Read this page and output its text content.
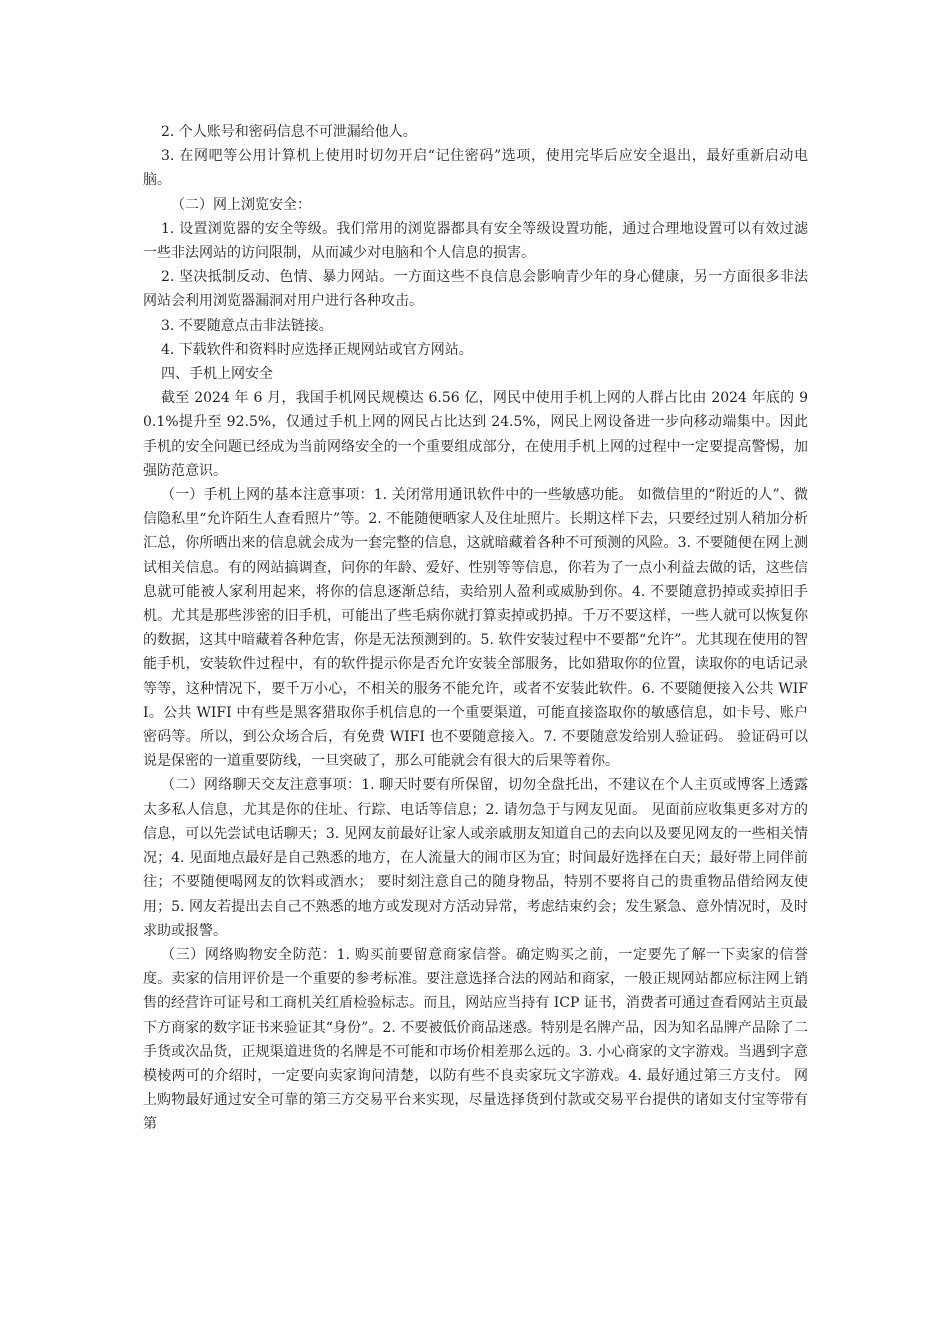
2. 个人账号和密码信息不可泄漏给他人。

3. 在网吧等公用计算机上使用时切勿开启“记住密码”选项，使用完毕后应安全退出，最好重新启动电脑。

（二）网上浏览安全：

1. 设置浏览器的安全等级。我们常用的浏览器都具有安全等级设置功能，通过合理地设置可以有效过滤一些非法网站的访问限制，从而减少对电脑和个人信息的损害。

2. 坚决抵制反动、色情、暴力网站。一方面这些不良信息会影响青少年的身心健康，另一方面很多非法网站会利用浏览器漏洞对用户进行各种攻击。

3. 不要随意点击非法链接。

4. 下载软件和资料时应选择正规网站或官方网站。

四、手机上网安全

截至 2024 年 6 月，我国手机网民规模达 6.56 亿，网民中使用手机上网的人群占比由 2024 年底的 90.1%提升至 92.5%，仅通过手机上网的网民占比达到 24.5%，网民上网设备进一步向移动端集中。因此手机的安全问题已经成为当前网络安全的一个重要组成部分，在使用手机上网的过程中一定要提高警惕，加强防范意识。

（一）手机上网的基本注意事项：1. 关闭常用通讯软件中的一些敏感功能。 如微信里的“附近的人”、微信隐私里“允许陌生人查看照片”等。2. 不能随便晒家人及住址照片。长期这样下去，只要经过别人稍加分析汇总，你所晒出来的信息就会成为一套完整的信息，这就暗藏着各种不可预测的风险。3. 不要随便在网上测试相关信息。有的网站搞调查，问你的年龄、爱好、性别等等信息，你若为了一点小利益去做的话，这些信息就可能被人家利用起来，将你的信息逐渐总结，卖给别人盈利或威胁到你。4. 不要随意扔掉或卖掉旧手机。尤其是那些涉密的旧手机，可能出了些毛病你就打算卖掉或扔掉。千万不要这样，一些人就可以恢复你的数据，这其中暗藏着各种危害，你是无法预测到的。5. 软件安装过程中不要都“允许”。尤其现在使用的智能手机，安装软件过程中，有的软件提示你是否允许安装全部服务，比如猎取你的位置，读取你的电话记录等等，这种情况下，要千万小心，不相关的服务不能允许，或者不安装此软件。6. 不要随便接入公共 WIFI。公共 WIFI 中有些是黑客猎取你手机信息的一个重要渠道，可能直接盗取你的敏感信息，如卡号、账户密码等。所以，到公众场合后，有免费 WIFI 也不要随意接入。7. 不要随意发给别人验证码。 验证码可以说是保密的一道重要防线，一旦突破了，那么可能就会有很大的后果等着你。

（二）网络聊天交友注意事项：1. 聊天时要有所保留，切勿全盘托出，不建议在个人主页或博客上透露太多私人信息，尤其是你的住址、行踪、电话等信息；2. 请勿急于与网友见面。 见面前应收集更多对方的信息，可以先尝试电话聊天；3. 见网友前最好让家人或亲戚朋友知道自己的去向以及要见网友的一些相关情况；4. 见面地点最好是自己熟悉的地方，在人流量大的闹市区为宜；时间最好选择在白天；最好带上同伴前往；不要随便喝网友的饮料或酒水； 要时刻注意自己的随身物品，特别不要将自己的贵重物品借给网友使用；5. 网友若提出去自己不熟悉的地方或发现对方活动异常，考虑结束约会；发生紧急、意外情况时，及时求助或报警。

（三）网络购物安全防范：1. 购买前要留意商家信誉。确定购买之前，一定要先了解一下卖家的信誉度。卖家的信用评价是一个重要的参考标准。要注意选择合法的网站和商家，一般正规网站都应标注网上销售的经营许可证号和工商机关红盾检验标志。而且，网站应当持有 ICP 证书，消费者可通过查看网站主页最下方商家的数字证书来验证其“身份”。2. 不要被低价商品迷惑。特别是名牌产品，因为知名品牌产品除了二手货或次品货，正规渠道进货的名牌是不可能和市场价相差那么远的。3. 小心商家的文字游戏。当遇到字意模棱两可的介绍时，一定要向卖家询问清楚，以防有些不良卖家玩文字游戏。4. 最好通过第三方支付。 网上购物最好通过安全可靠的第三方交易平台来实现，尽量选择货到付款或交易平台提供的诸如支付宝等带有第
